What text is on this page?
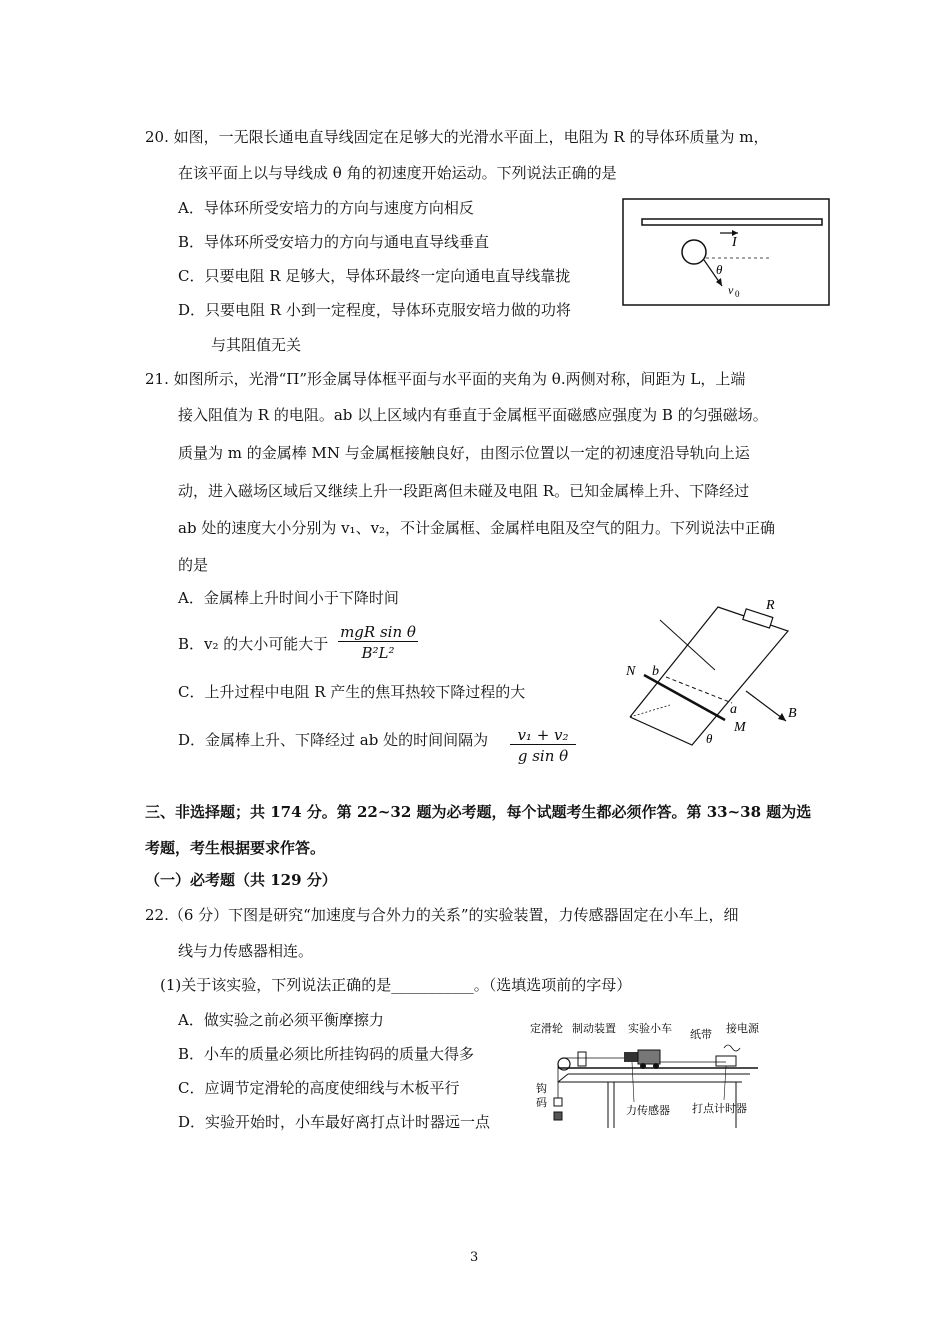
20. 如图，一无限长通电直导线固定在足够大的光滑水平面上，电阻为 R 的导体环质量为 m，
在该平面上以与导线成 θ 角的初速度开始运动。下列说法正确的是
A．导体环所受安培力的方向与速度方向相反
B．导体环所受安培力的方向与通电直导线垂直
C．只要电阻 R 足够大，导体环最终一定向通电直导线靠拢
D．只要电阻 R 小到一定程度，导体环克服安培力做的功将
与其阻值无关
I
θ
v 0
21. 如图所示，光滑“Π”形金属导体框平面与水平面的夹角为 θ.两侧对称，间距为 L，上端
接入阻值为 R 的电阻。ab 以上区域内有垂直于金属框平面磁感应强度为 B 的匀强磁场。
质量为 m 的金属棒 MN 与金属框接触良好，由图示位置以一定的初速度沿导轨向上运
动，进入磁场区域后又继续上升一段距离但未碰及电阻 R。已知金属棒上升、下降经过
ab 处的速度大小分别为 v₁、v₂，不计金属框、金属样电阻及空气的阻力。下列说法中正确
的是
A．金属棒上升时间小于下降时间
B．v₂ 的大小可能大于
mgR sin θ
B²L²
C．上升过程中电阻 R 产生的焦耳热较下降过程的大
D．金属棒上升、下降经过 ab 处的时间间隔为 $\frac{\text{v₁ + v₂}}{\text{g sin θ}}$
R
N b
a	B
M
θ
三、非选择题；共 174 分。第 22~32 题为必考题，每个试题考生都必须作答。第 33~38 题为选
考题，考生根据要求作答。
（一）必考题（共 129 分）
22.（6 分）下图是研究“加速度与合外力的关系”的实验装置，力传感器固定在小车上，细
线与力传感器相连。
(1)关于该实验，下列说法正确的是___________。（选填选项前的字母）
A．做实验之前必须平衡摩擦力
B．小车的质量必须比所挂钩码的质量大得多
C．应调节定滑轮的高度使细线与木板平行
D．实验开始时，小车最好离打点计时器远一点
定滑轮 制动装置 实验小车 纸带 接电源
钩
码
力传感器 打点计时器
3
